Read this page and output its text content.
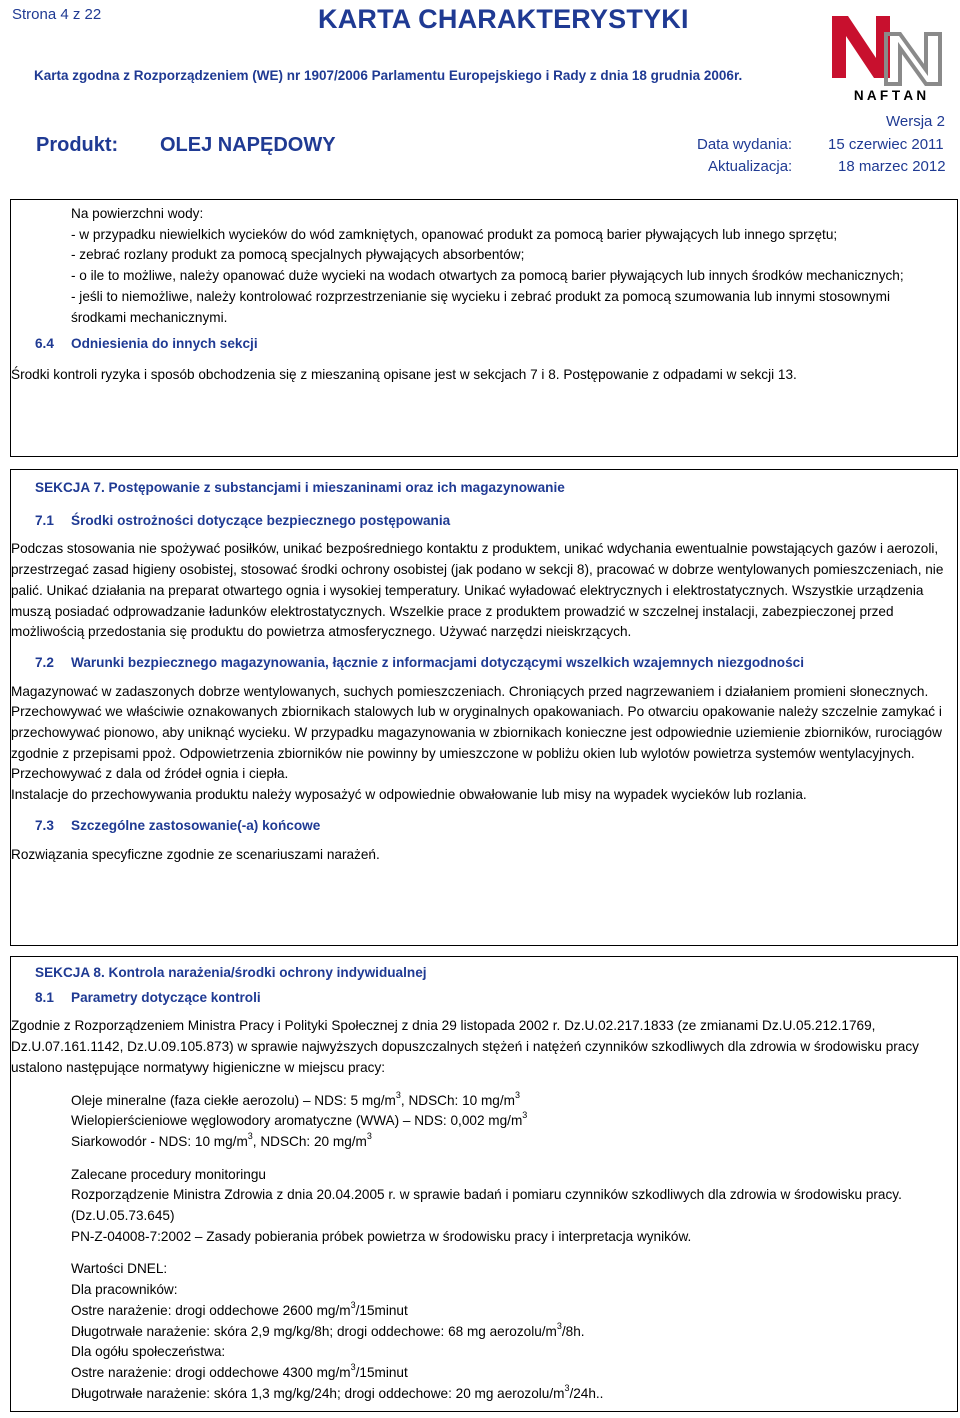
Strona 4 z 22	KARTA CHARAKTERYSTYKI
Karta zgodna z Rozporządzeniem (WE) nr 1907/2006 Parlamentu Europejskiego i Rady z dnia 18 grudnia 2006r.
N A F T A N
Produkt: OLEJ NAPĘDOWY
Wersja 2
Data wydania: 15 czerwiec 2011
Aktualizacja:	18 marzec 2012

Na powierzchni wody:

- w przypadku niewielkich wycieków do wód zamkniętych, opanować produkt za pomocą barier pływających lub innego sprzętu;

- zebrać rozlany produkt za pomocą specjalnych pływających absorbentów;

- o ile to możliwe, należy opanować duże wycieki na wodach otwartych za pomocą barier pływających lub innych środków mechanicznych;

- jeśli to niemożliwe, należy kontrolować rozprzestrzenianie się wycieku i zebrać produkt za pomocą szumowania lub innymi stosownymi środkami mechanicznymi.

6.4 Odniesienia do innych sekcji

Środki kontroli ryzyka i sposób obchodzenia się z mieszaniną opisane jest w sekcjach 7 i 8. Postępowanie z odpadami w sekcji 13.

SEKCJA 7. Postępowanie z substancjami i mieszaninami oraz ich magazynowanie

7.1 Środki ostrożności dotyczące bezpiecznego postępowania

Podczas stosowania nie spożywać posiłków, unikać bezpośredniego kontaktu z produktem, unikać wdychania ewentualnie powstających gazów i aerozoli, przestrzegać zasad higieny osobistej, stosować środki ochrony osobistej (jak podano w sekcji 8), pracować w dobrze wentylowanych pomieszczeniach, nie palić. Unikać działania na preparat otwartego ognia i wysokiej temperatury. Unikać wyładować elektrycznych i elektrostatycznych. Wszystkie urządzenia muszą posiadać odprowadzanie ładunków elektrostatycznych. Wszelkie prace z produktem prowadzić w szczelnej instalacji, zabezpieczonej przed możliwością przedostania się produktu do powietrza atmosferycznego. Używać narzędzi nieiskrzących.

7.2 Warunki bezpiecznego magazynowania, łącznie z informacjami dotyczącymi wszelkich wzajemnych niezgodności

Magazynować w zadaszonych dobrze wentylowanych, suchych pomieszczeniach. Chroniących przed nagrzewaniem i działaniem promieni słonecznych. Przechowywać we właściwie oznakowanych zbiornikach stalowych lub w oryginalnych opakowaniach. Po otwarciu opakowanie należy szczelnie zamykać i przechowywać pionowo, aby uniknąć wycieku. W przypadku magazynowania w zbiornikach konieczne jest odpowiednie uziemienie zbiorników, rurociągów zgodnie z przepisami ppoż. Odpowietrzenia zbiorników nie powinny by umieszczone w pobliżu okien lub wylotów powietrza systemów wentylacyjnych. Przechowywać z dala od źródeł ognia i ciepła.

Instalacje do przechowywania produktu należy wyposażyć w odpowiednie obwałowanie lub misy na wypadek wycieków lub rozlania.

7.3 Szczególne zastosowanie(-a) końcowe

Rozwiązania specyficzne zgodnie ze scenariuszami narażeń.

SEKCJA 8. Kontrola narażenia/środki ochrony indywidualnej

8.1 Parametry dotyczące kontroli

Zgodnie z Rozporządzeniem Ministra Pracy i Polityki Społecznej z dnia 29 listopada 2002 r. Dz.U.02.217.1833 (ze zmianami Dz.U.05.212.1769, Dz.U.07.161.1142, Dz.U.09.105.873) w sprawie najwyższych dopuszczalnych stężeń i natężeń czynników szkodliwych dla zdrowia w środowisku pracy ustalono następujące normatywy higieniczne w miejscu pracy:

Oleje mineralne (faza ciekłe aerozolu) – NDS: 5 $mg/m^3$, NDSCh: 10 $mg/m^3$

Wielopierścieniowe węglowodory aromatyczne (WWA) – NDS: 0,002 $mg/m^3$

Siarkowodór - NDS: 10 $mg/m^3$, NDSCh: 20 $mg/m^3$

Zalecane procedury monitoringu

Rozporządzenie Ministra Zdrowia z dnia 20.04.2005 r. w sprawie badań i pomiaru czynników szkodliwych dla zdrowia w środowisku pracy. (Dz.U.05.73.645)

PN-Z-04008-7:2002 – Zasady pobierania próbek powietrza w środowisku pracy i interpretacja wyników.

Wartości DNEL:

Dla pracowników:

Ostre narażenie: drogi oddechowe 2600 $mg/m^3/15minut$

Długotrwałe narażenie: skóra 2,9 mg/kg/8h; drogi oddechowe: 68 mg aerozolu/$m^3/8h$.

Dla ogółu społeczeństwa:

Ostre narażenie: drogi oddechowe 4300 $mg/m^3/15minut$

Długotrwałe narażenie: skóra 1,3 mg/kg/24h; drogi oddechowe: 20 mg aerozolu/$m^3/24h$..
